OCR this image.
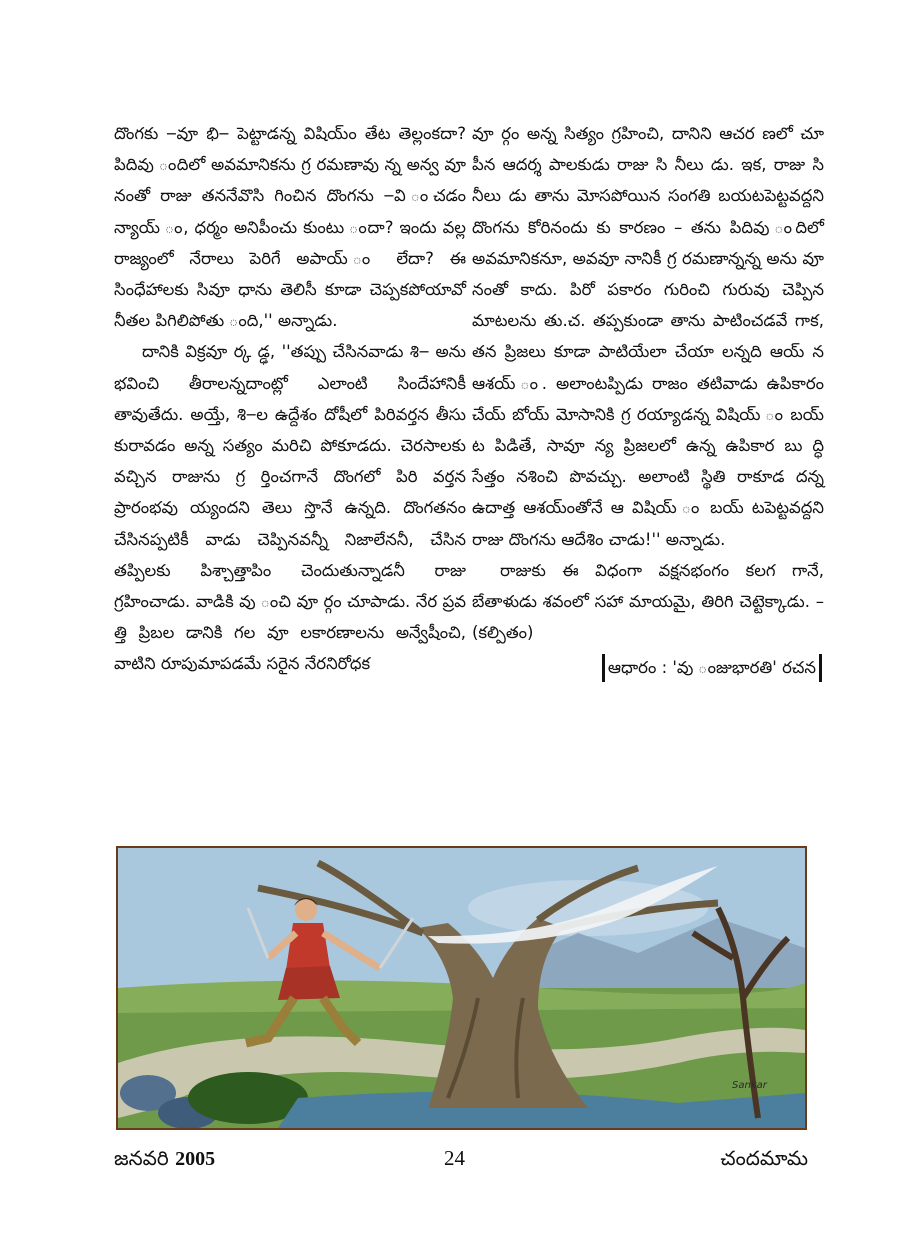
దొంగకు ౼వూ భి౼ పెట్టాడన్న విషియ్ం తేట తెల్లంకదా? పిదివు ందిలో అవమానికను గ్ర రమణావు న్న అన్వ వూ నంతో రాజు తననేవొసి గించిన దొంగను ౼వి ంచడం న్యాయ్ ం, ధర్మం అనిపీంచు కుంటు ందా? ఇందు వల్ల రాజ్యంలో నేరాలు పెరిగే అపాయ్ ం లేదా? ఈ సింధేహాలకు సివూ ధాను తెలిసీ కూడా చెప్పకపోయావో నీతల పిగిలిపోతు ంది,'' అన్నాడు.

దానికి విక్రవూ ర్క డ్ఢ, ''తప్పు చేసినవాడు శి౼ అను భవించి తీరాలన్నదాంట్లో ఎలాంటి సిందేహానికీ తావుతేదు. అయ్తే, శి౼ల ఉద్దేశం దోషీలో పిరివర్తన తీసు కురావడం అన్న సత్యం మరిచి పోకూడదు. చెరసాలకు వచ్చిన రాజును గ్ర ర్తించగానే దొంగలో పిరి వర్తన ప్రారంభవు య్యందని తెలు స్తొనే ఉన్నది. దొంగతనం చేసినప్పటికీ వాడు చెప్పినవన్నీ నిజాలేననీ, చేసిన తప్పిలకు పిశ్చాత్తాపిం చెందుతున్నాడనీ రాజు గ్రహించాడు. వాడికి వు ంచి వూ ర్గం చూపాడు. నేర ప్రవ త్తి ప్రిబల డానికి గల వూ లకారణాలను అన్వేషీంచి, వాటిని రూపుమాపడమే సరైన నేరనిరోధక

వూ ర్గం అన్న సిత్యం గ్రహించి, దానిని ఆచర ణలో చూ పీన ఆదర్శ పాలకుడు రాజు సి నీలు డు. ఇక, రాజు సి నీలు డు తాను మోసపోయిన సంగతి బయటపెట్టవద్దని దొంగను కోరినందు కు కారణం – తను పిదివు ందిలో అవమానికనూ, అవవూ నానికీ గ్ర రమణాన్నన్న అను వూ నంతో కాదు. పిరో పకారం గురించి గురువు చెప్పిన మాటలను తు.చ. తప్పకుండా తాను పాటించడవే గాక, తన ప్రిజలు కూడా పాటియేలా చేయా లన్నది ఆయ్ న ఆశయ్ ం. అలాంటప్పిడు రాజం తటివాడు ఉపికారం చేయ్ బోయ్ మోసానికి గ్ర రయ్యాడన్న విషియ్ ం బయ్ ట పిడితే, సావూ న్య ప్రిజలలో ఉన్న ఉపికార బు ద్ధి సేత్తం నశించి పొవచ్చు. అలాంటి స్థితి రాకూడ దన్న ఉదాత్త ఆశయ్ంతోనే ఆ విషియ్ ం బయ్ టపెట్టవద్దని రాజు దొంగను ఆదేశిం చాడు!'' అన్నాడు.

రాజుకు ఈ విధంగా వక్షనభంగం కలగ గానే, బేతాళుడు శవంలో సహా మాయమై, తిరిగి చెట్టెక్కాడు. – (కల్పితం)

ఆధారం : 'వు ంజుభారతి' రచన
Sankar
జనవరి 2005	24	చందమామ
